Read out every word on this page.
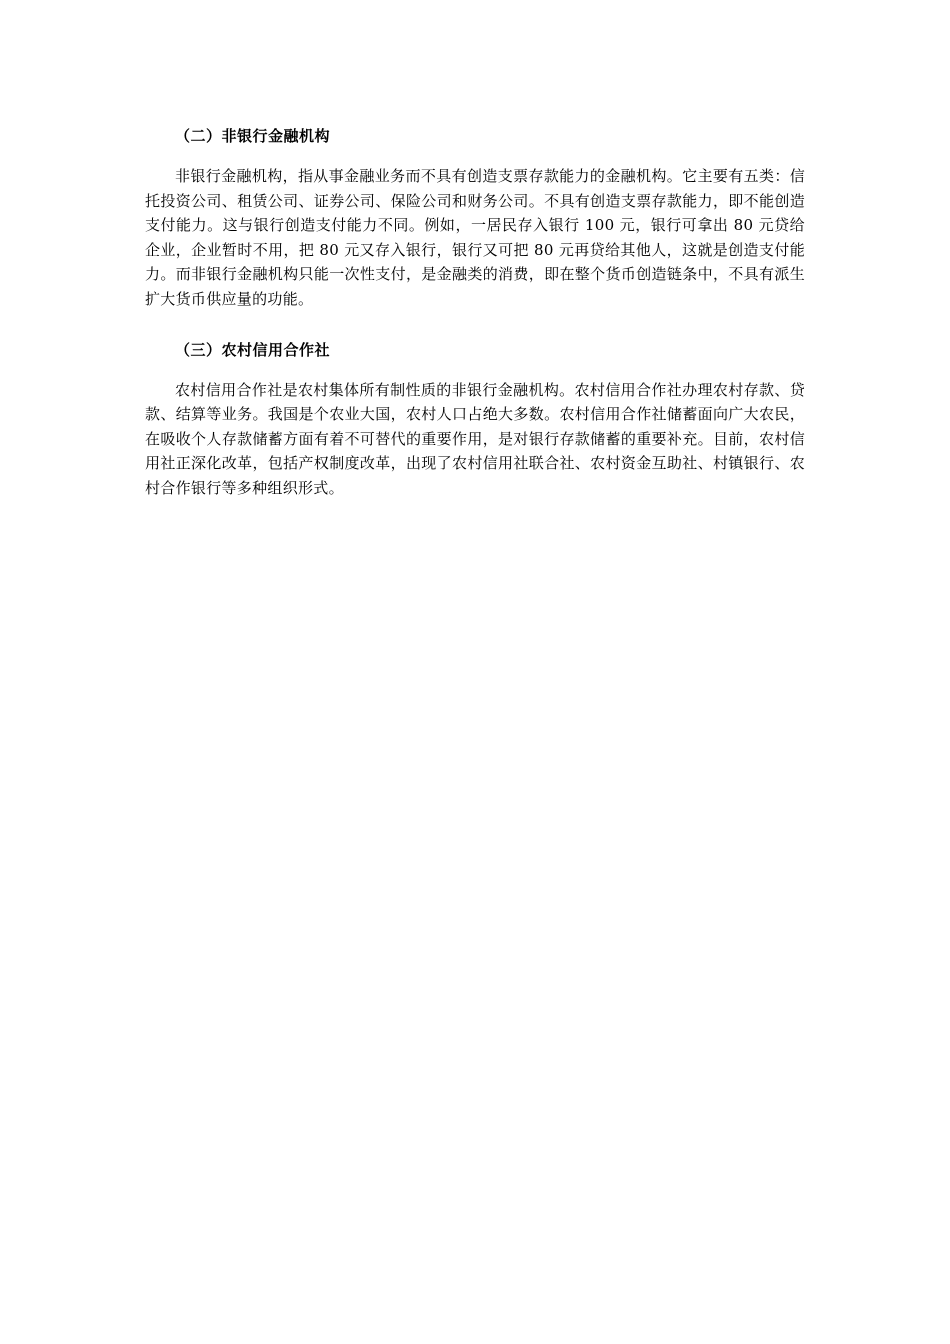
（二）非银行金融机构

非银行金融机构，指从事金融业务而不具有创造支票存款能力的金融机构。它主要有五类：信托投资公司、租赁公司、证券公司、保险公司和财务公司。不具有创造支票存款能力，即不能创造支付能力。这与银行创造支付能力不同。例如，一居民存入银行 100 元，银行可拿出 80 元贷给企业，企业暂时不用，把 80 元又存入银行，银行又可把 80 元再贷给其他人，这就是创造支付能力。而非银行金融机构只能一次性支付，是金融类的消费，即在整个货币创造链条中，不具有派生扩大货币供应量的功能。

（三）农村信用合作社

农村信用合作社是农村集体所有制性质的非银行金融机构。农村信用合作社办理农村存款、贷款、结算等业务。我国是个农业大国，农村人口占绝大多数。农村信用合作社储蓄面向广大农民，在吸收个人存款储蓄方面有着不可替代的重要作用，是对银行存款储蓄的重要补充。目前，农村信用社正深化改革，包括产权制度改革，出现了农村信用社联合社、农村资金互助社、村镇银行、农村合作银行等多种组织形式。
